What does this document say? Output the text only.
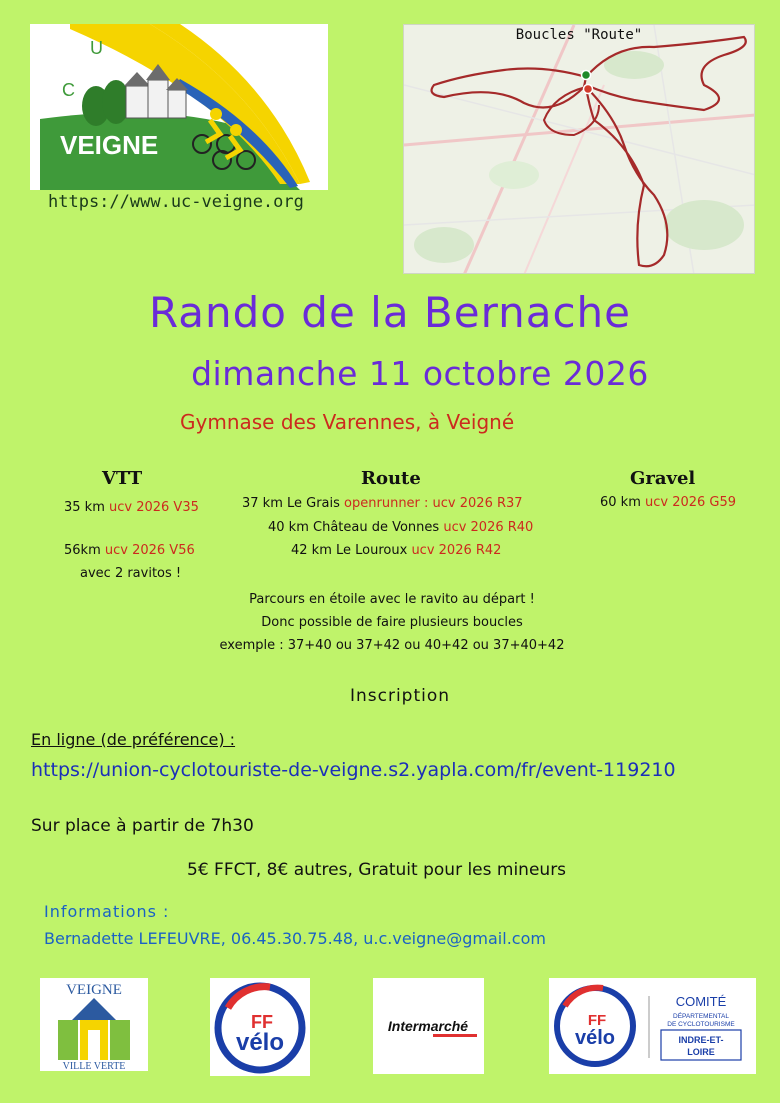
U
C
VEIGNE
https://www.uc-veigne.org
Boucles "Route"
Rando de la Bernache
dimanche 11 octobre 2026
Gymnase des Varennes, à Veigné
VTT
35 km ucv 2026 V35
56km ucv 2026 V56
avec 2 ravitos !
Route
37 km Le Grais openrunner : ucv 2026 R37
40 km Château de Vonnes ucv 2026 R40
42 km Le Louroux ucv 2026 R42
Gravel
60 km ucv 2026 G59
Parcours en étoile avec le ravito au départ !
Donc possible de faire plusieurs boucles
exemple : 37+40 ou 37+42 ou 40+42 ou 37+40+42
Inscription
En ligne (de préférence) :
https://union-cyclotouriste-de-veigne.s2.yapla.com/fr/event-119210
Sur place à partir de 7h30
5€ FFCT, 8€ autres, Gratuit pour les mineurs
Informations :
Bernadette LEFEUVRE, 06.45.30.75.48, u.c.veigne@gmail.com
VEIGNE
VILLE VERTE
FF
vélo
Intermarché	FF
vélo
COMITÉ
DÉPARTEMENTAL
DE CYCLOTOURISME
INDRE-ET-
LOIRE
